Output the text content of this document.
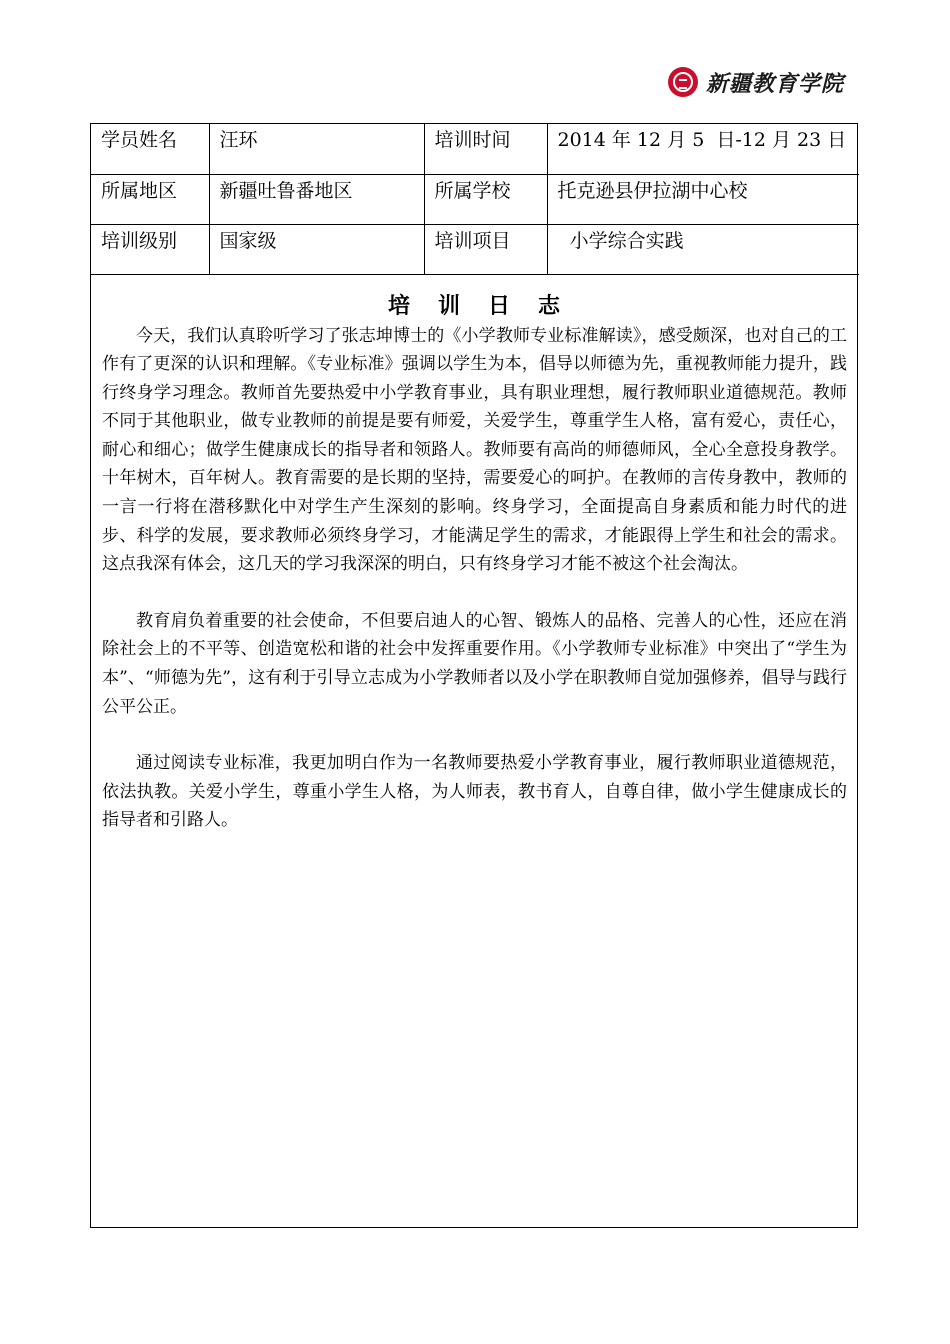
新疆教育学院
学员姓名	汪环	培训时间	2014 年 12 月 5  日-12 月 23 日
所属地区	新疆吐鲁番地区	所属学校	托克逊县伊拉湖中心校
培训级别	国家级	培训项目	小学综合实践
培训日志

今天，我们认真聆听学习了张志坤博士的《小学教师专业标准解读》，感受颇深，也对自己的工作有了更深的认识和理解。《专业标准》强调以学生为本，倡导以师德为先，重视教师能力提升，践行终身学习理念。教师首先要热爱中小学教育事业，具有职业理想，履行教师职业道德规范。教师不同于其他职业，做专业教师的前提是要有师爱，关爱学生，尊重学生人格，富有爱心，责任心，耐心和细心；做学生健康成长的指导者和领路人。教师要有高尚的师德师风，全心全意投身教学。十年树木，百年树人。教育需要的是长期的坚持，需要爱心的呵护。在教师的言传身教中，教师的一言一行将在潜移默化中对学生产生深刻的影响。终身学习，全面提高自身素质和能力时代的进步、科学的发展，要求教师必须终身学习，才能满足学生的需求，才能跟得上学生和社会的需求。这点我深有体会，这几天的学习我深深的明白，只有终身学习才能不被这个社会淘汰。

教育肩负着重要的社会使命，不但要启迪人的心智、锻炼人的品格、完善人的心性，还应在消除社会上的不平等、创造宽松和谐的社会中发挥重要作用。《小学教师专业标准》中突出了“学生为本”、“师德为先”，这有利于引导立志成为小学教师者以及小学在职教师自觉加强修养，倡导与践行公平公正。

通过阅读专业标准，我更加明白作为一名教师要热爱小学教育事业，履行教师职业道德规范，依法执教。关爱小学生，尊重小学生人格，为人师表，教书育人，自尊自律，做小学生健康成长的指导者和引路人。
